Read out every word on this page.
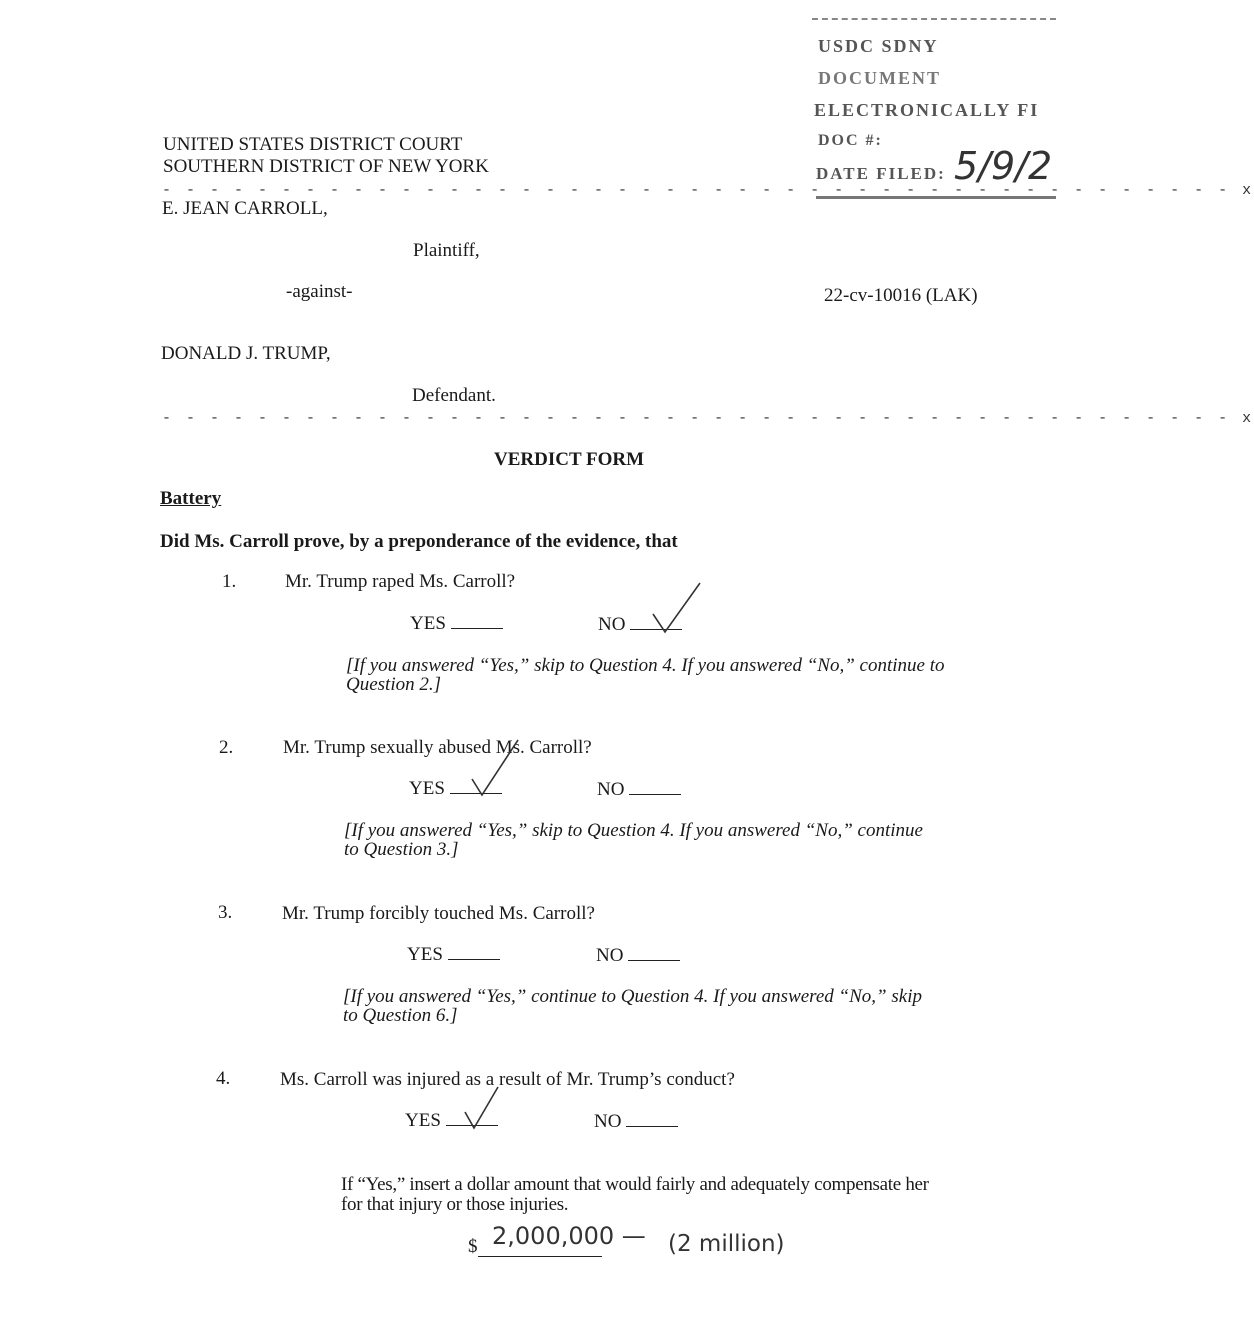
USDC SDNY
DOCUMENT
ELECTRONICALLY FI
DOC #:
DATE FILED: 5/9/2
UNITED STATES DISTRICT COURT
SOUTHERN DISTRICT OF NEW YORK
- - - - - - - - - - - - - - - - - - - - - - - - - - - - - - - - - - - - - - - - - - - - - x
E. JEAN CARROLL,
Plaintiff,
-against-	22-cv-10016 (LAK)
DONALD J. TRUMP,
Defendant.
- - - - - - - - - - - - - - - - - - - - - - - - - - - - - - - - - - - - - - - - - - - - - x
VERDICT FORM
Battery
Did Ms. Carroll prove, by a preponderance of the evidence, that
1.	Mr. Trump raped Ms. Carroll?
YES	NO
[If you answered “Yes,” skip to Question 4. If you answered “No,” continue to
Question 2.]
2.	Mr. Trump sexually abused Ms. Carroll?
YES	NO
[If you answered “Yes,” skip to Question 4. If you answered “No,” continue
to Question 3.]
3.	Mr. Trump forcibly touched Ms. Carroll?
YES	NO
[If you answered “Yes,” continue to Question 4. If you answered “No,” skip
to Question 6.]
4.	Ms. Carroll was injured as a result of Mr. Trump’s conduct?
YES	NO
If “Yes,” insert a dollar amount that would fairly and adequately compensate her
for that injury or those injuries.
$ 2,000,000 — (2 million)
